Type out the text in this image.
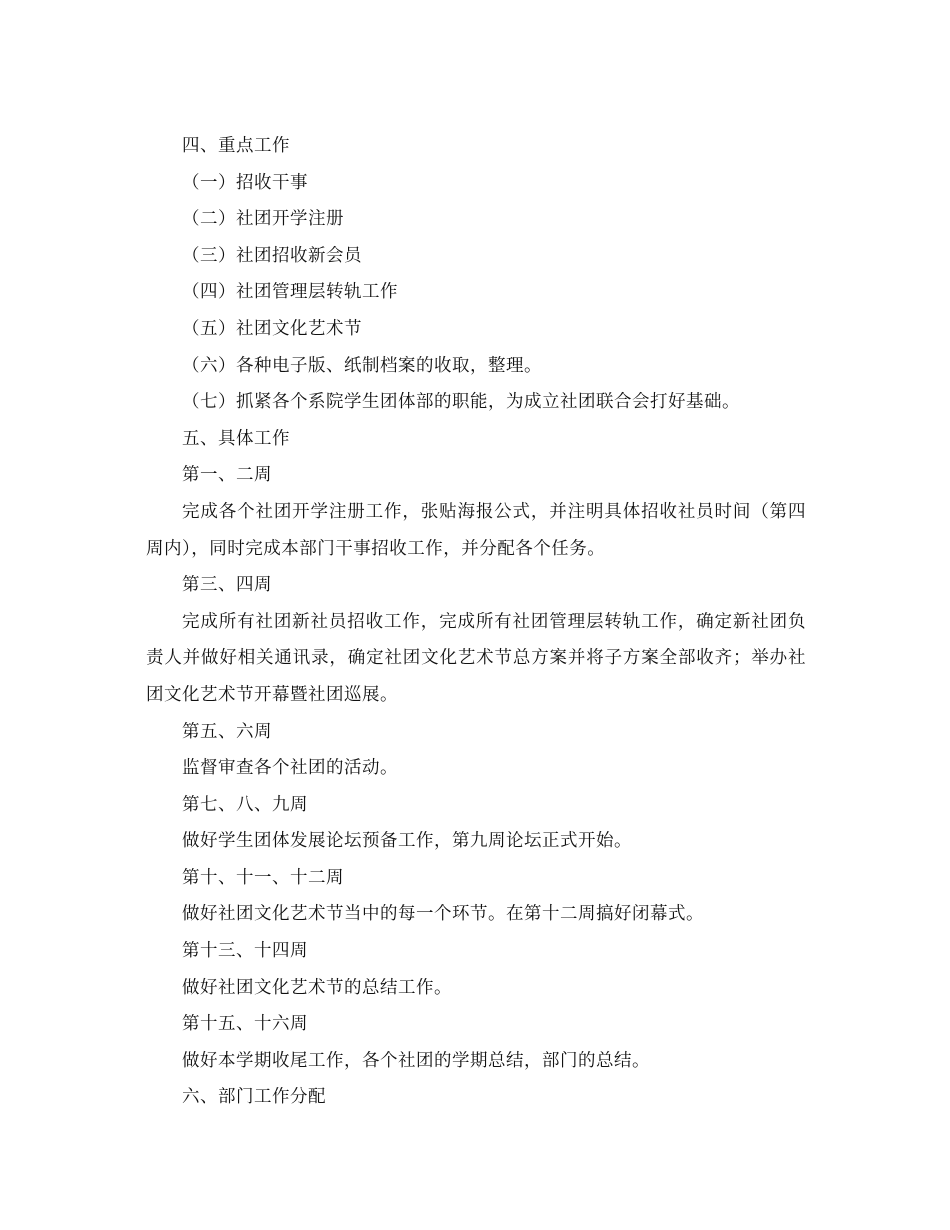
四、重点工作

（一）招收干事

（二）社团开学注册

（三）社团招收新会员

（四）社团管理层转轨工作

（五）社团文化艺术节

（六）各种电子版、纸制档案的收取，整理。

（七）抓紧各个系院学生团体部的职能，为成立社团联合会打好基础。

五、具体工作

第一、二周

完成各个社团开学注册工作，张贴海报公式，并注明具体招收社员时间（第四周内），同时完成本部门干事招收工作，并分配各个任务。

第三、四周

完成所有社团新社员招收工作，完成所有社团管理层转轨工作，确定新社团负责人并做好相关通讯录，确定社团文化艺术节总方案并将子方案全部收齐；举办社团文化艺术节开幕暨社团巡展。

第五、六周

监督审查各个社团的活动。

第七、八、九周

做好学生团体发展论坛预备工作，第九周论坛正式开始。

第十、十一、十二周

做好社团文化艺术节当中的每一个环节。在第十二周搞好闭幕式。

第十三、十四周

做好社团文化艺术节的总结工作。

第十五、十六周

做好本学期收尾工作，各个社团的学期总结，部门的总结。

六、部门工作分配
